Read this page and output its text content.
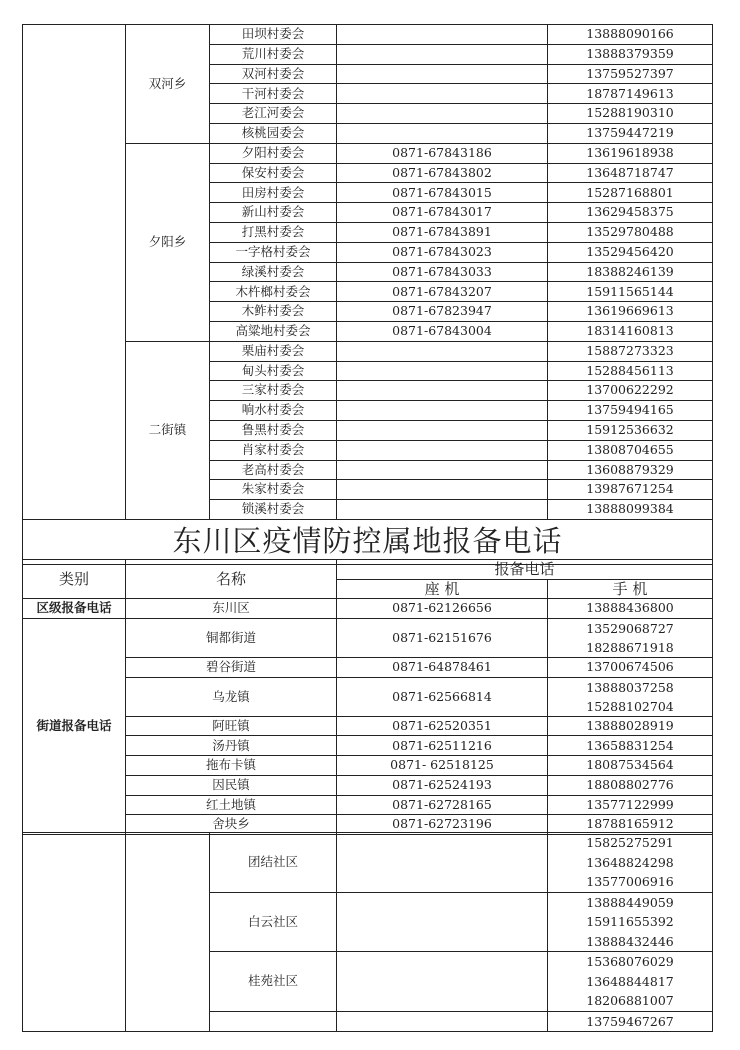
	双河乡	田坝村委会		13888090166
		荒川村委会		13888379359
		双河村委会		13759527397
		干河村委会		18787149613
		老江河委会		15288190310
		核桃园委会		13759447219
	夕阳乡	夕阳村委会	0871-67843186	13619618938
		保安村委会	0871-67843802	13648718747
		田房村委会	0871-67843015	15287168801
		新山村委会	0871-67843017	13629458375
		打黑村委会	0871-67843891	13529780488
		一字格村委会	0871-67843023	13529456420
		绿溪村委会	0871-67843033	18388246139
		木杵榔村委会	0871-67843207	15911565144
		木鲊村委会	0871-67823947	13619669613
		高粱地村委会	0871-67843004	18314160813
	二街镇	栗庙村委会		15887273323
		甸头村委会		15288456113
		三家村委会		13700622292
		响水村委会		13759494165
		鲁黑村委会		15912536632
		肖家村委会		13808704655
		老高村委会		13608879329
		朱家村委会		13987671254
		锁溪村委会		13888099384
东川区疫情防控属地报备电话				
类别	名称	报备电话	
		座 机	手 机
区级报备电话	东川区	0871-62126656	13888436800
街道报备电话	铜都街道	0871-62151676	13529068727
18288671918

	碧谷街道	0871-64878461	13700674506

	乌龙镇	0871-62566814	13888037258
15288102704

	阿旺镇	0871-62520351	13888028919

	汤丹镇	0871-62511216	13658831254

	拖布卡镇	0871- 62518125	18087534564

	因民镇	0871-62524193	18808802776

	红土地镇	0871-62728165	13577122999

	舍块乡	0871-62723196	18788165912
		团结社区		15825275291
13648824298
13577006916

		白云社区		13888449059
15911655392
13888432446

		桂苑社区		15368076029
13648844817
18206881007

				13759467267
